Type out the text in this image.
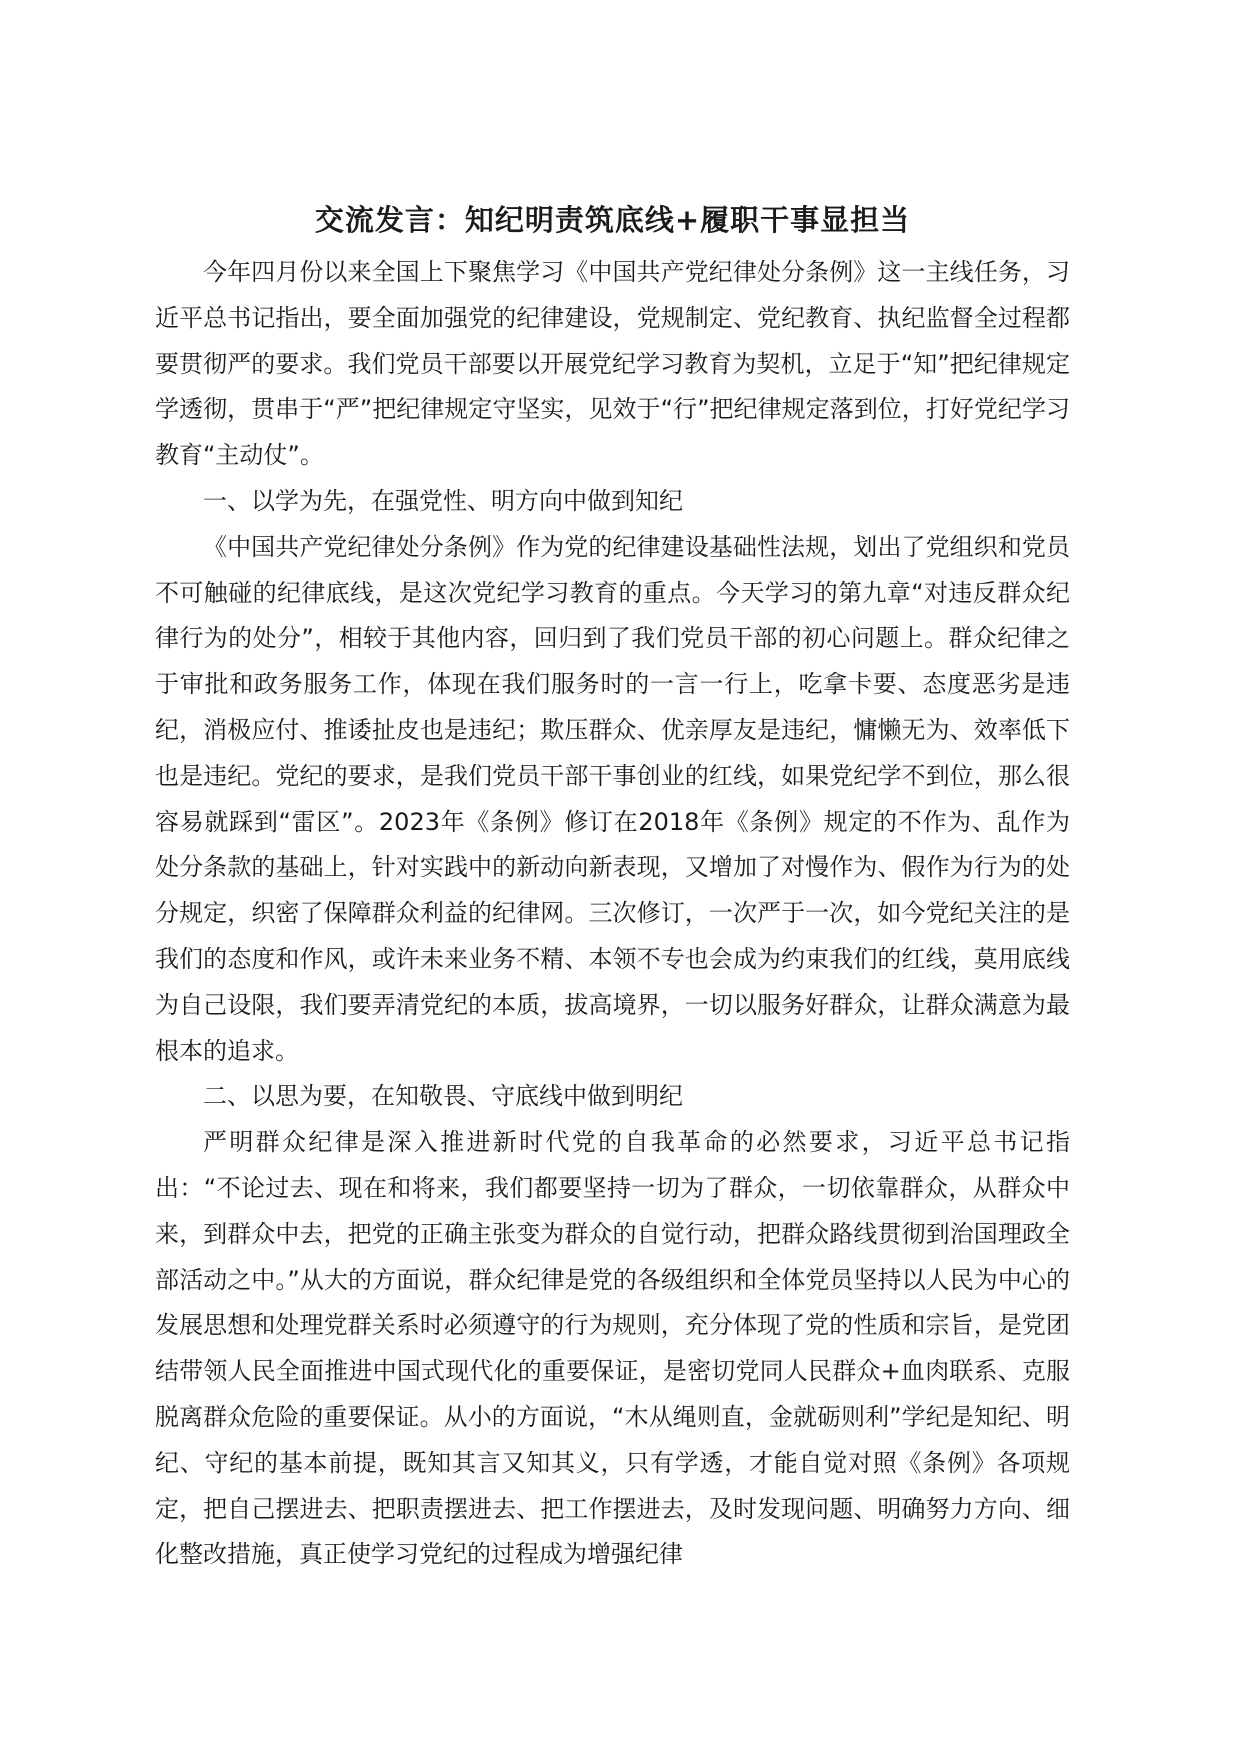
交流发言：知纪明责筑底线+履职干事显担当

今年四月份以来全国上下聚焦学习《中国共产党纪律处分条例》这一主线任务，习近平总书记指出，要全面加强党的纪律建设，党规制定、党纪教育、执纪监督全过程都要贯彻严的要求。我们党员干部要以开展党纪学习教育为契机，立足于“知”把纪律规定学透彻，贯串于“严”把纪律规定守坚实，见效于“行”把纪律规定落到位，打好党纪学习教育“主动仗”。

一、以学为先，在强党性、明方向中做到知纪

《中国共产党纪律处分条例》作为党的纪律建设基础性法规，划出了党组织和党员不可触碰的纪律底线，是这次党纪学习教育的重点。今天学习的第九章“对违反群众纪律行为的处分”，相较于其他内容，回归到了我们党员干部的初心问题上。群众纪律之于审批和政务服务工作，体现在我们服务时的一言一行上，吃拿卡要、态度恶劣是违纪，消极应付、推诿扯皮也是违纪；欺压群众、优亲厚友是违纪，慵懒无为、效率低下也是违纪。党纪的要求，是我们党员干部干事创业的红线，如果党纪学不到位，那么很容易就踩到“雷区”。2023年《条例》修订在2018年《条例》规定的不作为、乱作为处分条款的基础上，针对实践中的新动向新表现，又增加了对慢作为、假作为行为的处分规定，织密了保障群众利益的纪律网。三次修订，一次严于一次，如今党纪关注的是我们的态度和作风，或许未来业务不精、本领不专也会成为约束我们的红线，莫用底线为自己设限，我们要弄清党纪的本质，拔高境界，一切以服务好群众，让群众满意为最根本的追求。

二、以思为要，在知敬畏、守底线中做到明纪

严明群众纪律是深入推进新时代党的自我革命的必然要求，习近平总书记指出：“不论过去、现在和将来，我们都要坚持一切为了群众，一切依靠群众，从群众中来，到群众中去，把党的正确主张变为群众的自觉行动，把群众路线贯彻到治国理政全部活动之中。”从大的方面说，群众纪律是党的各级组织和全体党员坚持以人民为中心的发展思想和处理党群关系时必须遵守的行为规则，充分体现了党的性质和宗旨，是党团结带领人民全面推进中国式现代化的重要保证，是密切党同人民群众+血肉联系、克服脱离群众危险的重要保证。从小的方面说，“木从绳则直，金就砺则利”学纪是知纪、明纪、守纪的基本前提，既知其言又知其义，只有学透，才能自觉对照《条例》各项规定，把自己摆进去、把职责摆进去、把工作摆进去，及时发现问题、明确努力方向、细化整改措施，真正使学习党纪的过程成为增强纪律
